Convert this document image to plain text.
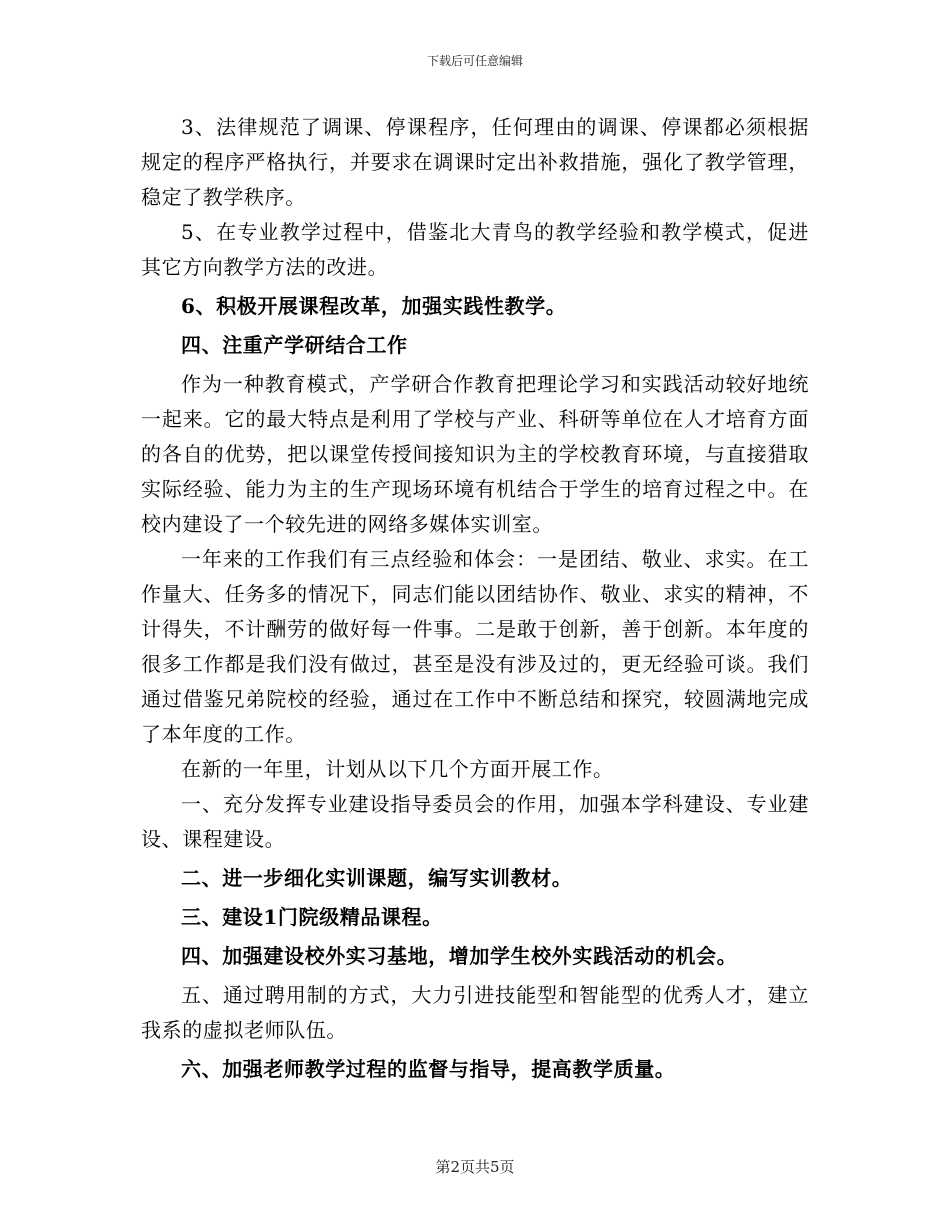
下载后可任意编辑

3、法律规范了调课、停课程序，任何理由的调课、停课都必须根据规定的程序严格执行，并要求在调课时定出补救措施，强化了教学管理，稳定了教学秩序。

5、在专业教学过程中，借鉴北大青鸟的教学经验和教学模式，促进其它方向教学方法的改进。

6、积极开展课程改革，加强实践性教学。

四、注重产学研结合工作

作为一种教育模式，产学研合作教育把理论学习和实践活动较好地统一起来。它的最大特点是利用了学校与产业、科研等单位在人才培育方面的各自的优势，把以课堂传授间接知识为主的学校教育环境，与直接猎取实际经验、能力为主的生产现场环境有机结合于学生的培育过程之中。在校内建设了一个较先进的网络多媒体实训室。

一年来的工作我们有三点经验和体会：一是团结、敬业、求实。在工作量大、任务多的情况下，同志们能以团结协作、敬业、求实的精神，不计得失，不计酬劳的做好每一件事。二是敢于创新，善于创新。本年度的很多工作都是我们没有做过，甚至是没有涉及过的，更无经验可谈。我们通过借鉴兄弟院校的经验，通过在工作中不断总结和探究，较圆满地完成了本年度的工作。

在新的一年里，计划从以下几个方面开展工作。

一、充分发挥专业建设指导委员会的作用，加强本学科建设、专业建设、课程建设。

二、进一步细化实训课题，编写实训教材。

三、建设1门院级精品课程。

四、加强建设校外实习基地，增加学生校外实践活动的机会。

五、通过聘用制的方式，大力引进技能型和智能型的优秀人才，建立我系的虚拟老师队伍。

六、加强老师教学过程的监督与指导，提高教学质量。

第2页共5页
